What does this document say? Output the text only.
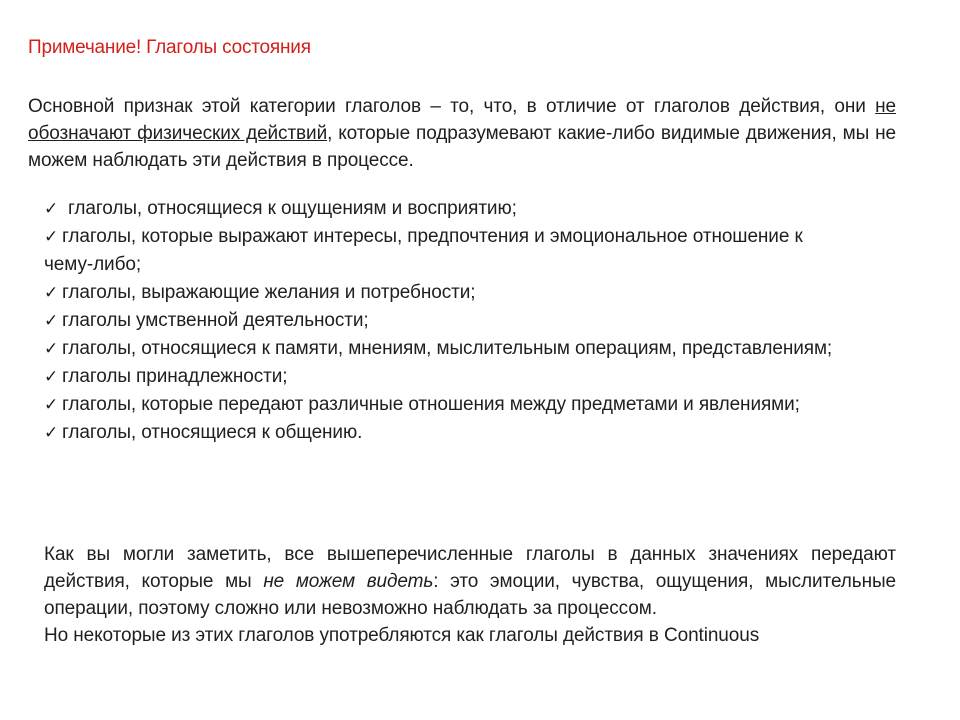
Примечание! Глаголы состояния
Основной признак этой категории глаголов – то, что, в отличие от глаголов действия, они не обозначают физических действий, которые подразумевают какие-либо видимые движения, мы не можем наблюдать эти действия в процессе.
✓ глаголы, относящиеся к ощущениям и восприятию;
✓ глаголы, которые выражают интересы, предпочтения и эмоциональное отношение к чему-либо;
✓ глаголы, выражающие желания и потребности;
✓ глаголы умственной деятельности;
✓ глаголы, относящиеся к памяти, мнениям, мыслительным операциям, представлениям;
✓ глаголы принадлежности;
✓ глаголы, которые передают различные отношения между предметами и явлениями;
✓ глаголы, относящиеся к общению.
Как вы могли заметить, все вышеперечисленные глаголы в данных значениях передают действия, которые мы не можем видеть: это эмоции, чувства, ощущения, мыслительные операции, поэтому сложно или невозможно наблюдать за процессом.
Но некоторые из этих глаголов употребляются как глаголы действия в Continuous
